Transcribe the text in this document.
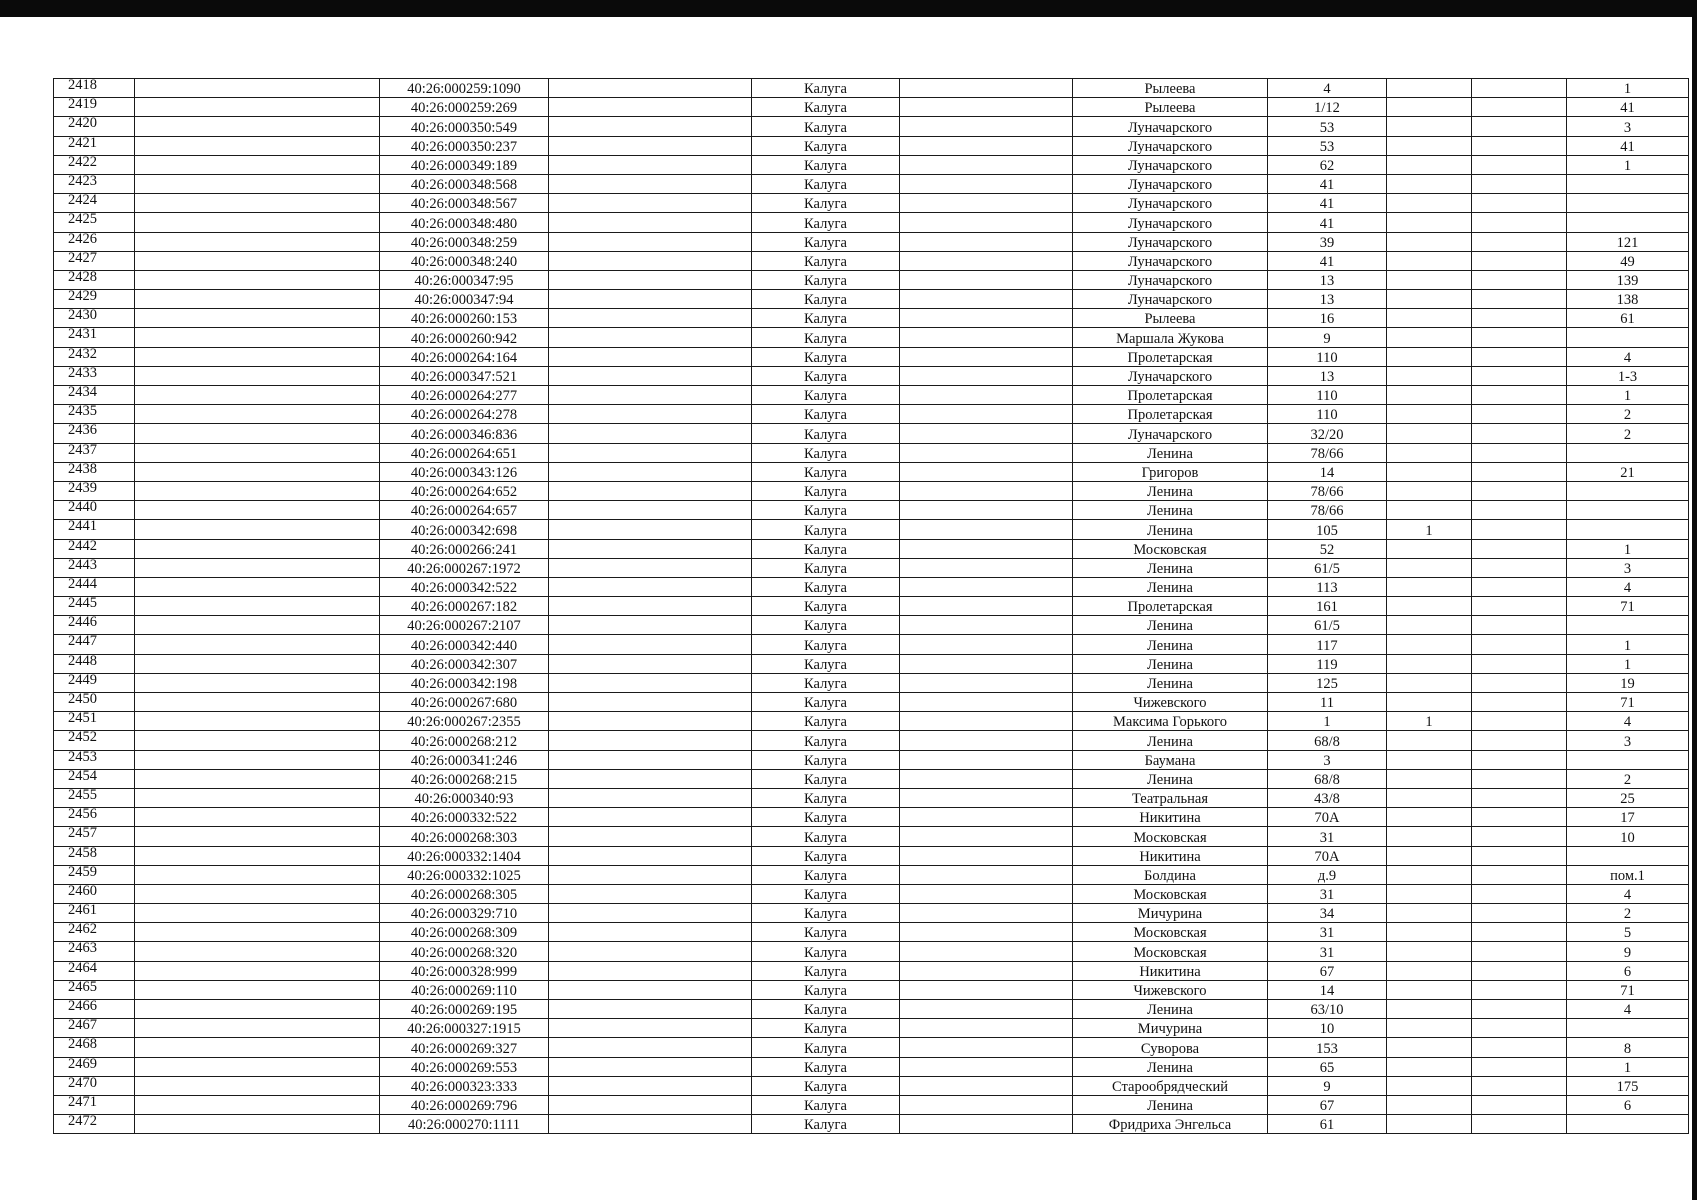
2418		40:26:000259:1090		Калуга		Рылеева	4			1
2419		40:26:000259:269		Калуга		Рылеева	1/12			41
2420		40:26:000350:549		Калуга		Луначарского	53			3
2421		40:26:000350:237		Калуга		Луначарского	53			41
2422		40:26:000349:189		Калуга		Луначарского	62			1
2423		40:26:000348:568		Калуга		Луначарского	41			
2424		40:26:000348:567		Калуга		Луначарского	41			
2425		40:26:000348:480		Калуга		Луначарского	41			
2426		40:26:000348:259		Калуга		Луначарского	39			121
2427		40:26:000348:240		Калуга		Луначарского	41			49
2428		40:26:000347:95		Калуга		Луначарского	13			139
2429		40:26:000347:94		Калуга		Луначарского	13			138
2430		40:26:000260:153		Калуга		Рылеева	16			61
2431		40:26:000260:942		Калуга		Маршала Жукова	9			
2432		40:26:000264:164		Калуга		Пролетарская	110			4
2433		40:26:000347:521		Калуга		Луначарского	13			1-3
2434		40:26:000264:277		Калуга		Пролетарская	110			1
2435		40:26:000264:278		Калуга		Пролетарская	110			2
2436		40:26:000346:836		Калуга		Луначарского	32/20			2
2437		40:26:000264:651		Калуга		Ленина	78/66			
2438		40:26:000343:126		Калуга		Григоров	14			21
2439		40:26:000264:652		Калуга		Ленина	78/66			
2440		40:26:000264:657		Калуга		Ленина	78/66			
2441		40:26:000342:698		Калуга		Ленина	105	1		
2442		40:26:000266:241		Калуга		Московская	52			1
2443		40:26:000267:1972		Калуга		Ленина	61/5			3
2444		40:26:000342:522		Калуга		Ленина	113			4
2445		40:26:000267:182		Калуга		Пролетарская	161			71
2446		40:26:000267:2107		Калуга		Ленина	61/5			
2447		40:26:000342:440		Калуга		Ленина	117			1
2448		40:26:000342:307		Калуга		Ленина	119			1
2449		40:26:000342:198		Калуга		Ленина	125			19
2450		40:26:000267:680		Калуга		Чижевского	11			71
2451		40:26:000267:2355		Калуга		Максима Горького	1	1		4
2452		40:26:000268:212		Калуга		Ленина	68/8			3
2453		40:26:000341:246		Калуга		Баумана	3			
2454		40:26:000268:215		Калуга		Ленина	68/8			2
2455		40:26:000340:93		Калуга		Театральная	43/8			25
2456		40:26:000332:522		Калуга		Никитина	70А			17
2457		40:26:000268:303		Калуга		Московская	31			10
2458		40:26:000332:1404		Калуга		Никитина	70А			
2459		40:26:000332:1025		Калуга		Болдина	д.9			пом.1
2460		40:26:000268:305		Калуга		Московская	31			4
2461		40:26:000329:710		Калуга		Мичурина	34			2
2462		40:26:000268:309		Калуга		Московская	31			5
2463		40:26:000268:320		Калуга		Московская	31			9
2464		40:26:000328:999		Калуга		Никитина	67			6
2465		40:26:000269:110		Калуга		Чижевского	14			71
2466		40:26:000269:195		Калуга		Ленина	63/10			4
2467		40:26:000327:1915		Калуга		Мичурина	10			
2468		40:26:000269:327		Калуга		Суворова	153			8
2469		40:26:000269:553		Калуга		Ленина	65			1
2470		40:26:000323:333		Калуга		Старообрядческий	9			175
2471		40:26:000269:796		Калуга		Ленина	67			6
2472		40:26:000270:1111		Калуга		Фридриха Энгельса	61			
